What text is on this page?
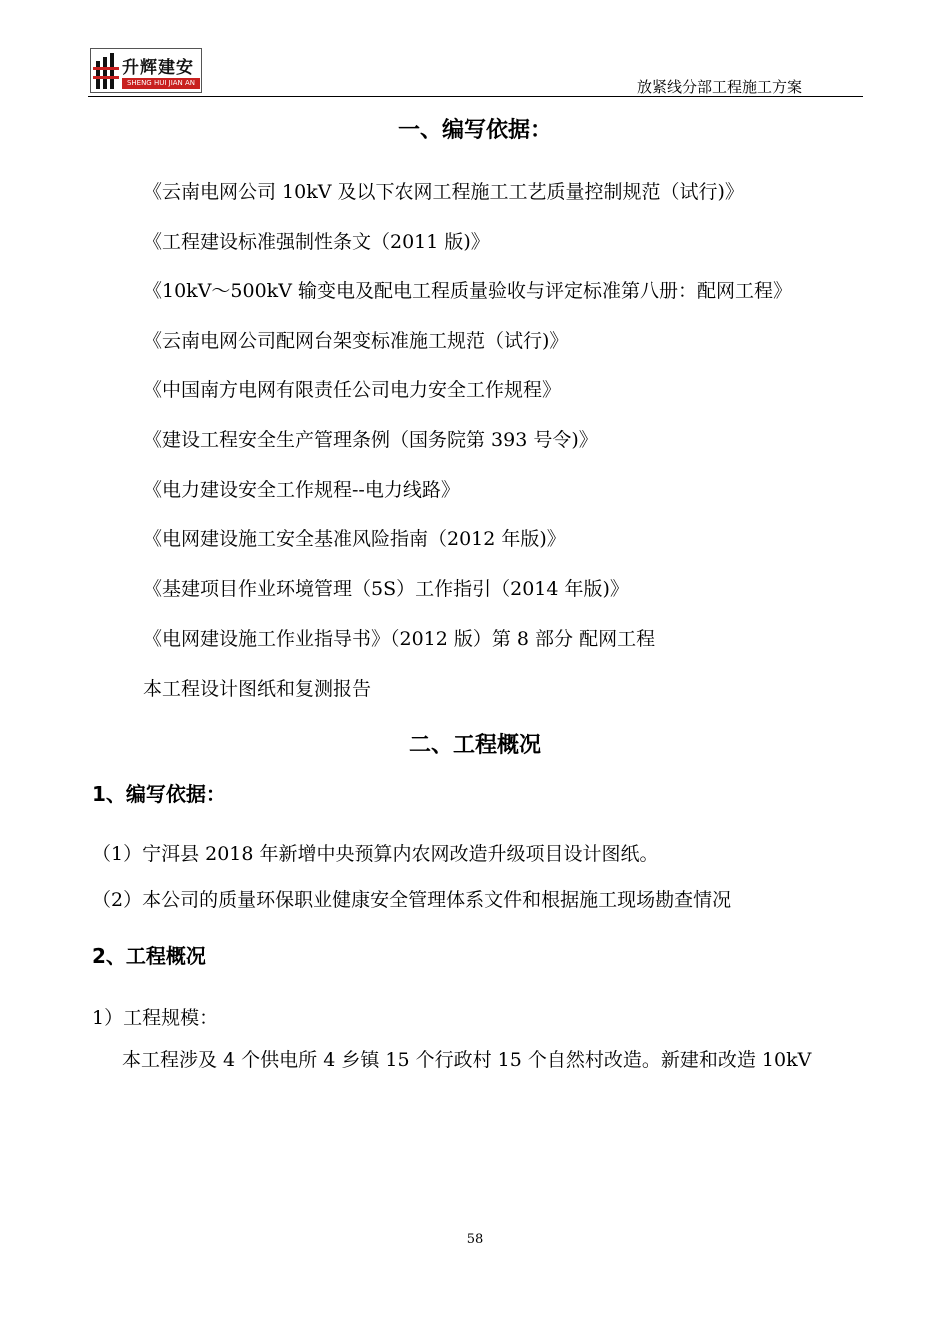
升辉建安
SHENG HUI JIAN AN	放紧线分部工程施工方案
一、编写依据：
《云南电网公司 10kV 及以下农网工程施工工艺质量控制规范（试行)》
《工程建设标准强制性条文（2011 版)》
《10kV～500kV 输变电及配电工程质量验收与评定标准第八册：配网工程》
《云南电网公司配网台架变标准施工规范（试行)》
《中国南方电网有限责任公司电力安全工作规程》
《建设工程安全生产管理条例（国务院第 393 号令)》
《电力建设安全工作规程--电力线路》
《电网建设施工安全基准风险指南（2012 年版)》
《基建项目作业环境管理（5S）工作指引（2014 年版)》
《电网建设施工作业指导书》（2012 版）第 8 部分 配网工程
本工程设计图纸和复测报告
二、工程概况
1、编写依据：
（1）宁洱县 2018 年新增中央预算内农网改造升级项目设计图纸。
（2）本公司的质量环保职业健康安全管理体系文件和根据施工现场勘查情况
2、工程概况
1）工程规模：
本工程涉及 4 个供电所 4 乡镇 15 个行政村 15 个自然村改造。新建和改造 10kV
58
